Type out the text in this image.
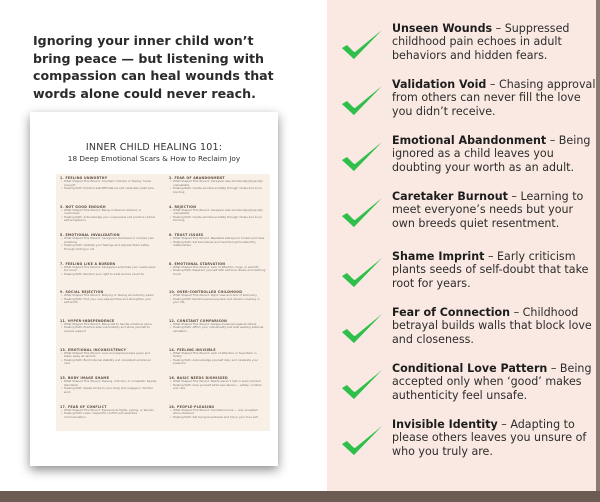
Ignoring your inner child won’t bring peace — but listening with compassion can heal wounds that words alone could never reach.
INNER CHILD HEALING 101:
18 Deep Emotional Scars & How to Reclaim Joy
1. FEELING UNWORTHY
• What Shaped This Wound: Constant criticism or feeling "never enough"
• Healing Path: Practice self-affirmations and celebrate small wins
2. FEAR OF ABANDONMENT
• What Shaped This Wound: Caregiver was emotionally/physically unavailable
• Healing Path: Create emotional safety through rituals and inner bonding
3. NOT GOOD ENOUGH
• What Shaped This Wound: Being compared, blamed, or overlooked
• Healing Path: Acknowledge your uniqueness and practice radical self-acceptance
4. REJECTION
• What Shaped This Wound: Caregiver was emotionally/physically unavailable
• Healing Path: Create emotional safety through rituals and inner bonding
5. EMOTIONAL INVALIDATION
• What Shaped This Wound: Caregivers dismissed or mocked your emotions
• Healing Path: Validate your feelings and express them safely through writing or art
6. TRUST ISSUES
• What Shaped This Wound: Repeated betrayal or broken promises
• Healing Path: Set boundaries and heal through trustworthy relationships
7. FEELING LIKE A BURDEN
• What Shaped This Wound: Caregivers acted like your needs were too much
• Healing Path: Reclaim your right to exist and be cared for
8. EMOTIONAL STARVATION
• What Shaped This Wound: Lack of affection, hugs, or warmth
• Healing Path: Reparent yourself with self-love rituals and soothing touch
9. SOCIAL REJECTION
• What Shaped This Wound: Bullying or feeling excluded by peers
• Healing Path: Find your soul-aligned tribe and strengthen your self-worth
10. OVER-CONTROLLED CHILDHOOD
• What Shaped This Wound: Rigid rules and lack of autonomy
• Healing Path: Reclaim personal power and decision-making in your life
11. HYPER-INDEPENDENCE
• What Shaped This Wound: Being left to handle emotions alone
• Healing Path: Practice safe vulnerability and allow yourself to receive support
12. CONSTANT COMPARISON
• What Shaped This Wound: Always measured against others
• Healing Path: Affirm your individuality and stop seeking external validation
13. EMOTIONAL INCONSISTENCY
• What Shaped This Wound: Love and approval were given and taken away at random
• Healing Path: Build internal stability and consistent emotional care
14. FEELING INVISIBLE
• What Shaped This Wound: Lack of attention or favoritism in family
• Healing Path: Acknowledge yourself daily and celebrate your presence
15. BODY IMAGE SHAME
• What Shaped This Wound: Teasing, criticism, or unrealistic beauty standards
• Healing Path: Speak kindly to your body and engage in mindful work
16. BASIC NEEDS DISMISSED
• What Shaped This Wound: Needs weren't met or were mocked
• Healing Path: Give yourself what was denied — safety, comfort, and care
17. FEAR OF CONFLICT
• What Shaped This Wound: Exposure to fights, yelling, or tension
• Healing Path: Learn respectful conflict and assertive communication
18. PEOPLE-PLEASING
• What Shaped This Wound: Conditional love — only accepted when obedient
• Healing Path: Set loving boundaries and honor your true self
Unseen Wounds – Suppressed childhood pain echoes in adult behaviors and hidden fears.
Validation Void – Chasing approval from others can never fill the love you didn’t receive.
Emotional Abandonment – Being ignored as a child leaves you doubting your worth as an adult.
Caretaker Burnout – Learning to meet everyone’s needs but your own breeds quiet resentment.
Shame Imprint – Early criticism plants seeds of self-doubt that take root for years.
Fear of Connection – Childhood betrayal builds walls that block love and closeness.
Conditional Love Pattern – Being accepted only when ‘good’ makes authenticity feel unsafe.
Invisible Identity – Adapting to please others leaves you unsure of who you truly are.
